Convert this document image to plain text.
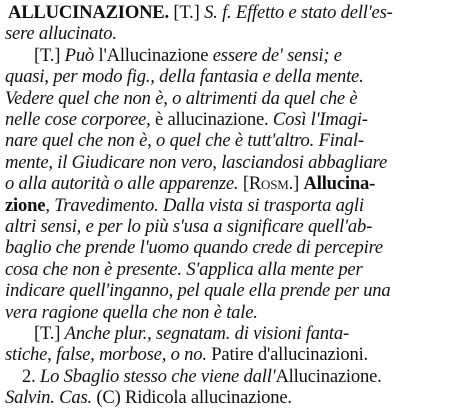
ALLUCINAZIONE. [T.] S. f. Effetto e stato dell'es-
sere allucinato.
[T.] Può l'Allucinazione essere de' sensi; e
quasi, per modo fig., della fantasia e della mente.
Vedere quel che non è, o altrimenti da quel che è
nelle cose corporee, è allucinazione. Così l'Imagi-
nare quel che non è, o quel che è tutt'altro. Final-
mente, il Giudicare non vero, lasciandosi abbagliare
o alla autorità o alle apparenze. [Rosm.] Allucina-
zione, Travedimento. Dalla vista si trasporta agli
altri sensi, e per lo più s'usa a significare quell'ab-
baglio che prende l'uomo quando crede di percepire
cosa che non è presente. S'applica alla mente per
indicare quell'inganno, pel quale ella prende per una
vera ragione quella che non è tale.
[T.] Anche plur., segnatam. di visioni fanta-
stiche, false, morbose, o no. Patire d'allucinazioni.
2. Lo Sbaglio stesso che viene dall'Allucinazione.
Salvin. Cas. (C) Ridicola allucinazione.
